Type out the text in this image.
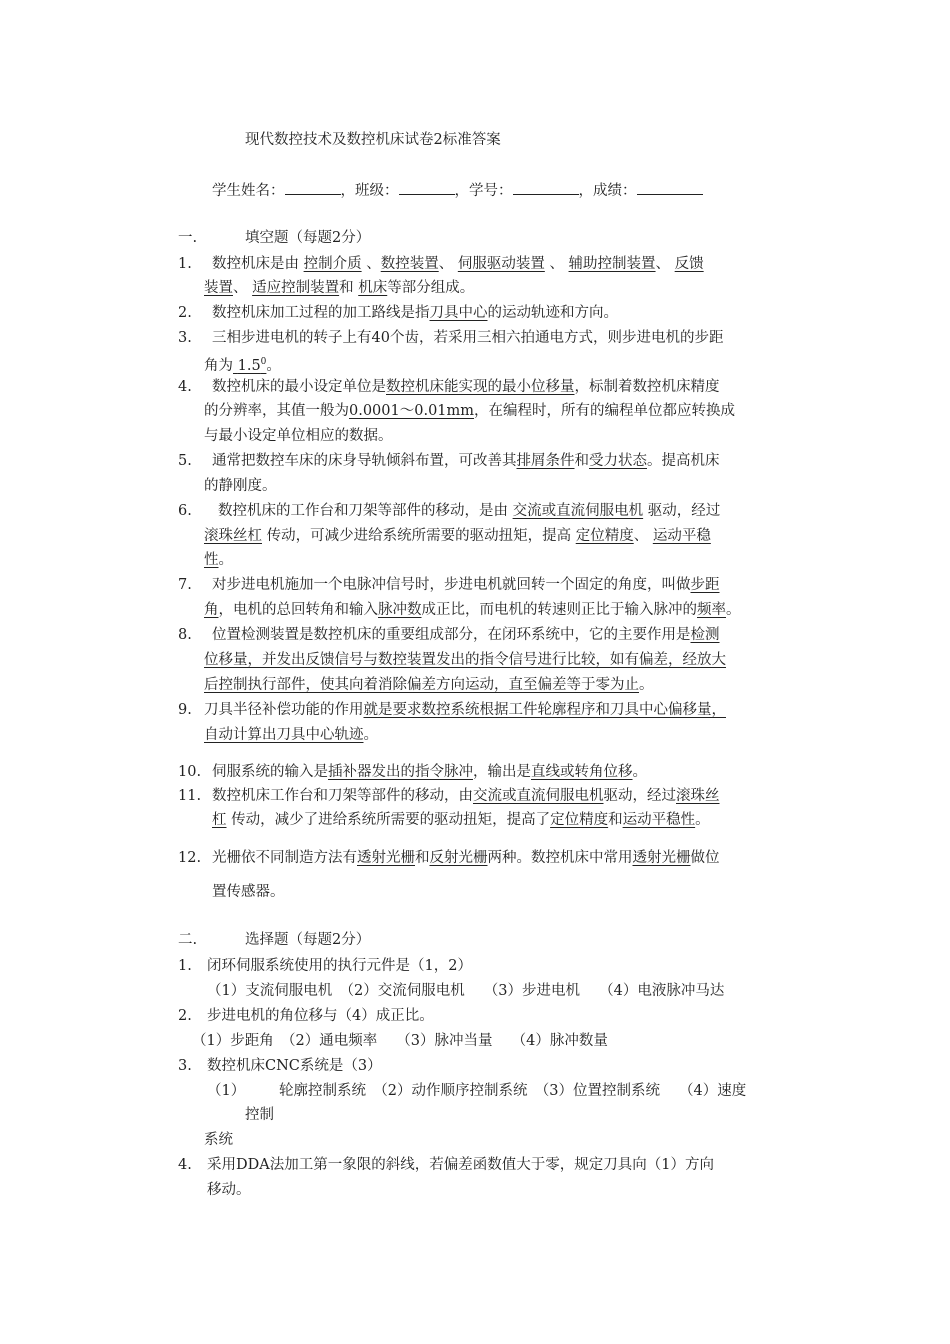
现代数控技术及数控机床试卷2标准答案
学生姓名：	，班级：	，学号：	，成绩：
一.	填空题（每题2分）
1. 数控机床是由 控制介质 、数控装置、 伺服驱动装置 、 辅助控制装置、 反馈
装置、 适应控制装置和 机床等部分组成。
2. 数控机床加工过程的加工路线是指刀具中心的运动轨迹和方向。
3. 三相步进电机的转子上有40个齿，若采用三相六拍通电方式，则步进电机的步距
角为 $1.5^0$。
4. 数控机床的最小设定单位是数控机床能实现的最小位移量，标制着数控机床精度
的分辨率，其值一般为0.0001～0.01mm，在编程时，所有的编程单位都应转换成
与最小设定单位相应的数据。
5. 通常把数控车床的床身导轨倾斜布置，可改善其排屑条件和受力状态。提高机床
的静刚度。
6. 数控机床的工作台和刀架等部件的移动，是由 交流或直流伺服电机 驱动，经过
滚珠丝杠 传动，可减少进给系统所需要的驱动扭矩，提高 定位精度、 运动平稳
性。
7. 对步进电机施加一个电脉冲信号时，步进电机就回转一个固定的角度，叫做步距
角，电机的总回转角和输入脉冲数成正比，而电机的转速则正比于输入脉冲的频率。
8. 位置检测装置是数控机床的重要组成部分，在闭环系统中，它的主要作用是检测
位移量，并发出反馈信号与数控装置发出的指令信号进行比较，如有偏差，经放大
后控制执行部件，使其向着消除偏差方向运动，直至偏差等于零为止。
9. 刀具半径补偿功能的作用就是要求数控系统根据工件轮廓程序和刀具中心偏移量，
自动计算出刀具中心轨迹。
10. 伺服系统的输入是插补器发出的指令脉冲，输出是直线或转角位移。
11. 数控机床工作台和刀架等部件的移动，由交流或直流伺服电机驱动，经过滚珠丝
杠 传动，减少了进给系统所需要的驱动扭矩，提高了定位精度和运动平稳性。
12. 光栅依不同制造方法有透射光栅和反射光栅两种。数控机床中常用透射光栅做位
置传感器。
二.	选择题（每题2分）
1. 闭环伺服系统使用的执行元件是（1，2）
（1）支流伺服电机　（2）交流伺服电机　 （3）步进电机　 （4）电液脉冲马达
2. 步进电机的角位移与（4）成正比。
（1）步距角　（2）通电频率　 （3）脉冲当量　 （4）脉冲数量
3. 数控机床CNC系统是（3）
（1） 轮廓控制系统　（2）动作顺序控制系统　（3）位置控制系统　 （4）速度
控制
系统
4. 采用DDA法加工第一象限的斜线，若偏差函数值大于零，规定刀具向（1）方向
移动。
